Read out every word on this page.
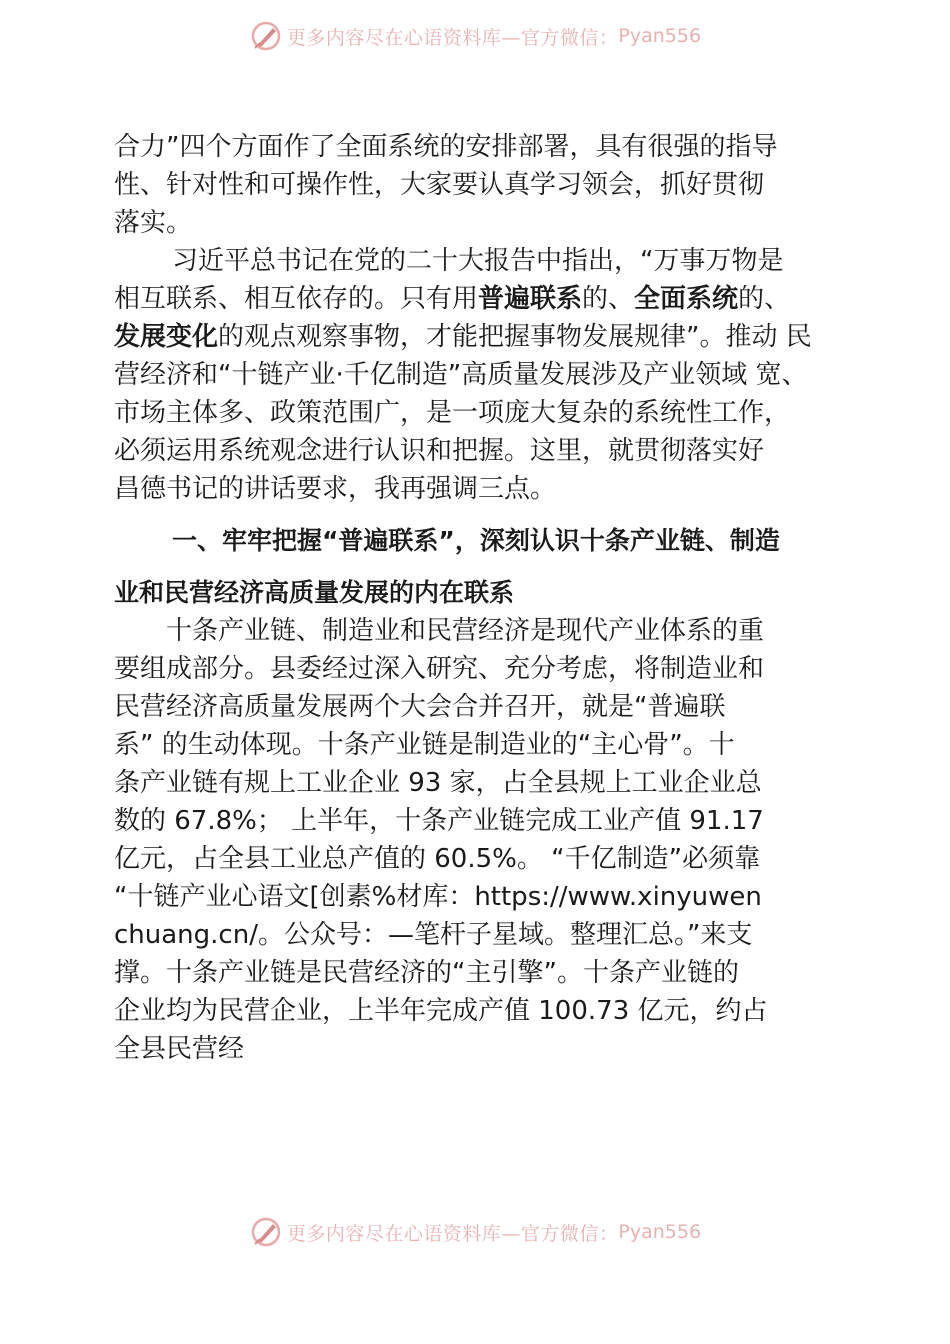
更多内容尽在心语资料库—官方微信： Pyan556
合力”四个方面作了全面系统的安排部署，具有很强的指导
性、针对性和可操作性，大家要认真学习领会，抓好贯彻
落实。
习近平总书记在党的二十大报告中指出，“万事万物是
相互联系、相互依存的。只有用普遍联系的、全面系统的、
发展变化的观点观察事物，才能把握事物发展规律”。推动 民
营经济和“十链产业·千亿制造”高质量发展涉及产业领域 宽、
市场主体多、政策范围广，是一项庞大复杂的系统性工作，
必须运用系统观念进行认识和把握。这里，就贯彻落实好
昌德书记的讲话要求，我再强调三点。
一、牢牢把握“普遍联系”，深刻认识十条产业链、制造
业和民营经济高质量发展的内在联系
十条产业链、制造业和民营经济是现代产业体系的重
要组成部分。县委经过深入研究、充分考虑，将制造业和
民营经济高质量发展两个大会合并召开，就是“普遍联
系” 的生动体现。十条产业链是制造业的“主心骨”。十
条产业链有规上工业企业 93 家，占全县规上工业企业总
数的 67.8%； 上半年，十条产业链完成工业产值 91.17
亿元，占全县工业总产值的 60.5%。 “千亿制造”必须靠
“十链产业心语文[创素%材库：https://www.xinyuwen
chuang.cn/。公众号：—笔杆子星域。整理汇总。”来支
撑。十条产业链是民营经济的“主引擎”。十条产业链的
企业均为民营企业，上半年完成产值 100.73 亿元，约占
全县民营经
更多内容尽在心语资料库—官方微信： Pyan556
